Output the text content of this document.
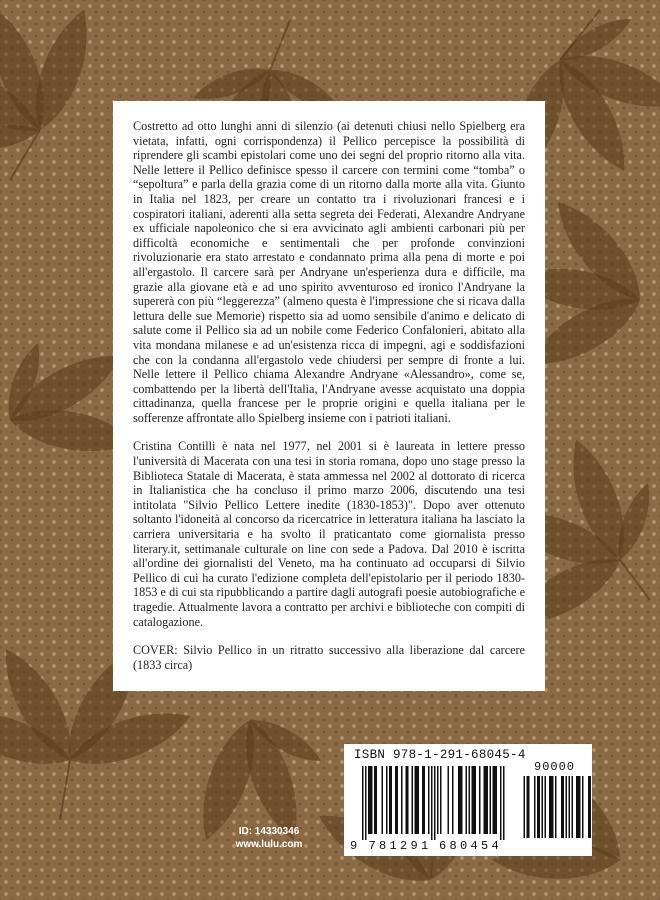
Costretto ad otto lunghi anni di silenzio (ai detenuti chiusi nello Spielberg era vietata, infatti, ogni corrispondenza) il Pellico percepisce la possibilità di riprendere gli scambi epistolari come uno dei segni del proprio ritorno alla vita. Nelle lettere il Pellico definisce spesso il carcere con termini come “tomba” o “sepoltura” e parla della grazia come di un ritorno dalla morte alla vita. Giunto in Italia nel 1823, per creare un contatto tra i rivoluzionari francesi e i cospiratori italiani, aderenti alla setta segreta dei Federati, Alexandre Andryane ex ufficiale napoleonico che si era avvicinato agli ambienti carbonari più per difficoltà economiche e sentimentali che per profonde convinzioni rivoluzionarie era stato arrestato e condannato prima alla pena di morte e poi all'ergastolo. Il carcere sarà per Andryane un'esperienza dura e difficile, ma grazie alla giovane età e ad uno spirito avventuroso ed ironico l'Andryane la supererà con più “leggerezza” (almeno questa è l'impressione che si ricava dalla lettura delle sue Memorie) rispetto sia ad uomo sensibile d'animo e delicato di salute come il Pellico sia ad un nobile come Federico Confalonieri, abitato alla vita mondana milanese e ad un'esistenza ricca di impegni, agi e soddisfazioni che con la condanna all'ergastolo vede chiudersi per sempre di fronte a lui. Nelle lettere il Pellico chiama Alexandre Andryane «Alessandro», come se, combattendo per la libertà dell'Italia, l'Andryane avesse acquistato una doppia cittadinanza, quella francese per le proprie origini e quella italiana per le sofferenze affrontate allo Spielberg insieme con i patrioti italiani.

Cristina Contilli è nata nel 1977, nel 2001 si è laureata in lettere presso l'università di Macerata con una tesi in storia romana, dopo uno stage presso la Biblioteca Statale di Macerata, è stata ammessa nel 2002 al dottorato di ricerca in Italianistica che ha concluso il primo marzo 2006, discutendo una tesi intitolata "Silvio Pellico Lettere inedite (1830-1853)". Dopo aver ottenuto soltanto l'idoneità al concorso da ricercatrice in letteratura italiana ha lasciato la carriera universitaria e ha svolto il praticantato come giornalista presso literary.it, settimanale culturale on line con sede a Padova. Dal 2010 è iscritta all'ordine dei giornalisti del Veneto, ma ha continuato ad occuparsi di Silvio Pellico di cui ha curato l'edizione completa dell'epistolario per il periodo 1830-1853 e di cui sta ripubblicando a partire dagli autografi poesie autobiografiche e tragedie. Attualmente lavora a contratto per archivi e biblioteche con compiti di catalogazione.

COVER: Silvio Pellico in un ritratto successivo alla liberazione dal carcere (1833 circa)

ID: 14330346
www.lulu.com
ISBN 978-1-291-68045-4
90000
9 7 8 1 2 9 1 6 8 0 4 5 4
